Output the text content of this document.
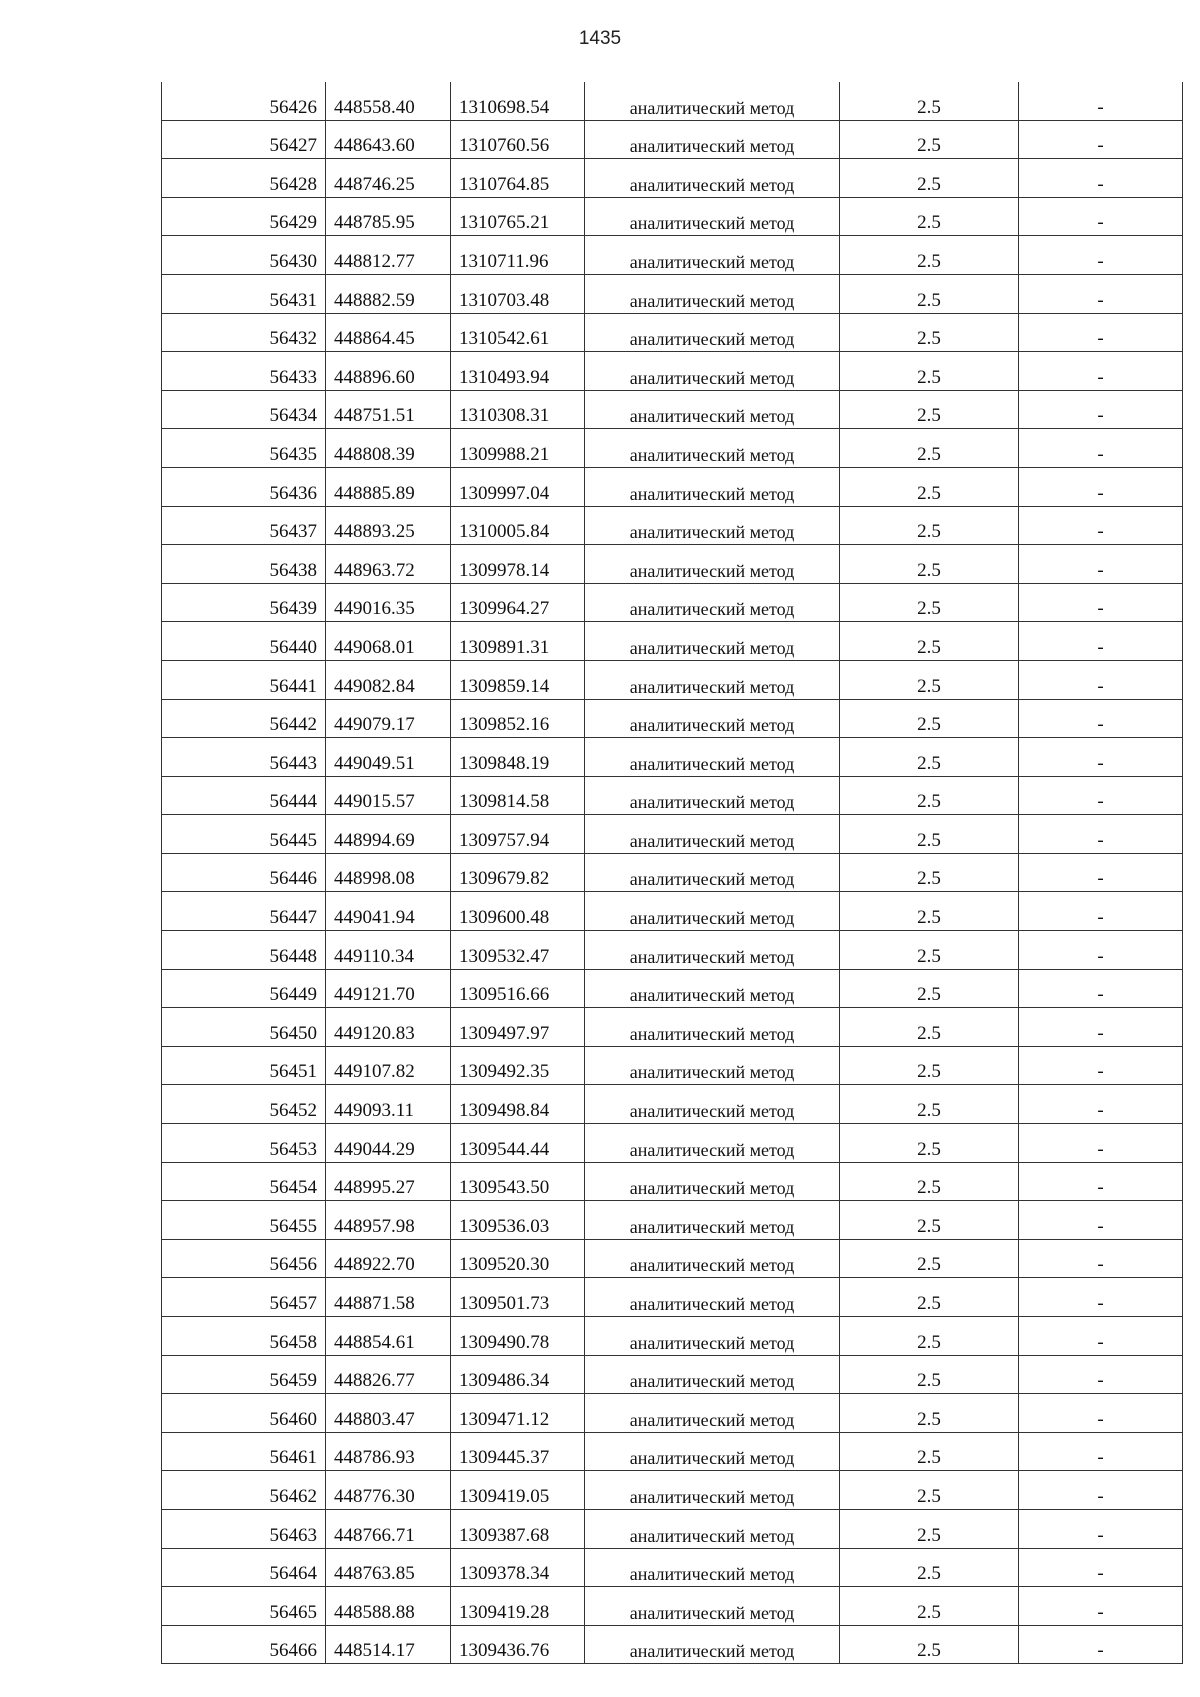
1435
56426	448558.40	1310698.54	аналитический метод	2.5	-
56427	448643.60	1310760.56	аналитический метод	2.5	-
56428	448746.25	1310764.85	аналитический метод	2.5	-
56429	448785.95	1310765.21	аналитический метод	2.5	-
56430	448812.77	1310711.96	аналитический метод	2.5	-
56431	448882.59	1310703.48	аналитический метод	2.5	-
56432	448864.45	1310542.61	аналитический метод	2.5	-
56433	448896.60	1310493.94	аналитический метод	2.5	-
56434	448751.51	1310308.31	аналитический метод	2.5	-
56435	448808.39	1309988.21	аналитический метод	2.5	-
56436	448885.89	1309997.04	аналитический метод	2.5	-
56437	448893.25	1310005.84	аналитический метод	2.5	-
56438	448963.72	1309978.14	аналитический метод	2.5	-
56439	449016.35	1309964.27	аналитический метод	2.5	-
56440	449068.01	1309891.31	аналитический метод	2.5	-
56441	449082.84	1309859.14	аналитический метод	2.5	-
56442	449079.17	1309852.16	аналитический метод	2.5	-
56443	449049.51	1309848.19	аналитический метод	2.5	-
56444	449015.57	1309814.58	аналитический метод	2.5	-
56445	448994.69	1309757.94	аналитический метод	2.5	-
56446	448998.08	1309679.82	аналитический метод	2.5	-
56447	449041.94	1309600.48	аналитический метод	2.5	-
56448	449110.34	1309532.47	аналитический метод	2.5	-
56449	449121.70	1309516.66	аналитический метод	2.5	-
56450	449120.83	1309497.97	аналитический метод	2.5	-
56451	449107.82	1309492.35	аналитический метод	2.5	-
56452	449093.11	1309498.84	аналитический метод	2.5	-
56453	449044.29	1309544.44	аналитический метод	2.5	-
56454	448995.27	1309543.50	аналитический метод	2.5	-
56455	448957.98	1309536.03	аналитический метод	2.5	-
56456	448922.70	1309520.30	аналитический метод	2.5	-
56457	448871.58	1309501.73	аналитический метод	2.5	-
56458	448854.61	1309490.78	аналитический метод	2.5	-
56459	448826.77	1309486.34	аналитический метод	2.5	-
56460	448803.47	1309471.12	аналитический метод	2.5	-
56461	448786.93	1309445.37	аналитический метод	2.5	-
56462	448776.30	1309419.05	аналитический метод	2.5	-
56463	448766.71	1309387.68	аналитический метод	2.5	-
56464	448763.85	1309378.34	аналитический метод	2.5	-
56465	448588.88	1309419.28	аналитический метод	2.5	-
56466	448514.17	1309436.76	аналитический метод	2.5	-
